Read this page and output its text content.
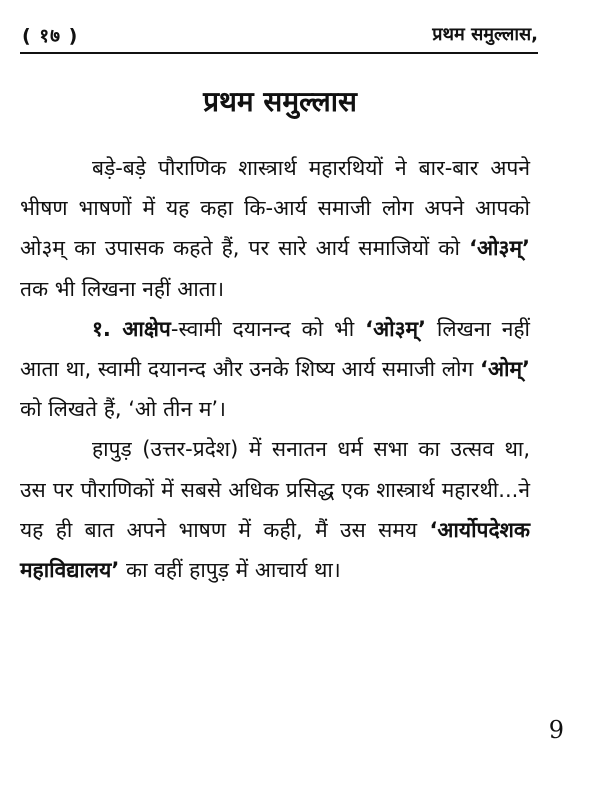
( १७ )	प्रथम समुल्लास,
प्रथम समुल्लास

बड़े-बड़े पौराणिक शास्त्रार्थ महारथियों ने बार-बार अपने भीषण भाषणों में यह कहा कि-आर्य समाजी लोग अपने आपको ओ३म् का उपासक कहते हैं, पर सारे आर्य समाजियों को ‘ओ३म्’ तक भी लिखना नहीं आता।

१. आक्षेप-स्वामी दयानन्द को भी ‘ओ३म्’ लिखना नहीं आता था, स्वामी दयानन्द और उनके शिष्य आर्य समाजी लोग ‘ओम्’ को लिखते हैं, ‘ओ तीन म’।

हापुड़ (उत्तर-प्रदेश) में सनातन धर्म सभा का उत्सव था, उस पर पौराणिकों में सबसे अधिक प्रसिद्ध एक शास्त्रार्थ महारथी...ने यह ही बात अपने भाषण में कही, मैं उस समय ‘आर्योपदेशक महाविद्यालय’ का वहीं हापुड़ में आचार्य था।

9
